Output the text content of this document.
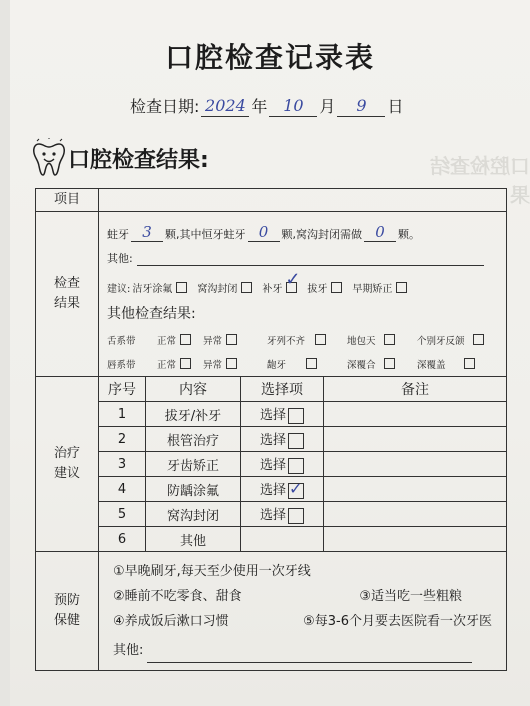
口腔检查结果
口腔检查记录表
检查日期: 2024 年 10 月	9	日
口腔检查结果:
项目	
检查
结果	
蛀牙 3	颗,其中恒牙蛀牙 0	颗,窝沟封闭需做 0	颗。
其他:
建议: 洁牙涂氟	窝沟封闭	补牙 ✓ 拔牙	早期矫正
其他检查结果:
舌系带	正常	异常	牙列不齐	地包天	个别牙反颌
唇系带	正常	异常	龅牙	深覆合	深覆盖

治疗
建议	
序号	内容	选择项	备注
1	拔牙/补牙	选择	
2	根管治疗	选择	
3	牙齿矫正	选择	
4	防龋涂氟	选择 ✓

5	窝沟封闭	选择	
6	其他		

预防
保健	
①早晚刷牙,每天至少使用一次牙线
②睡前不吃零食、甜食	③适当吃一些粗粮
④养成饭后漱口习惯	⑤每3-6个月要去医院看一次牙医
其他:
